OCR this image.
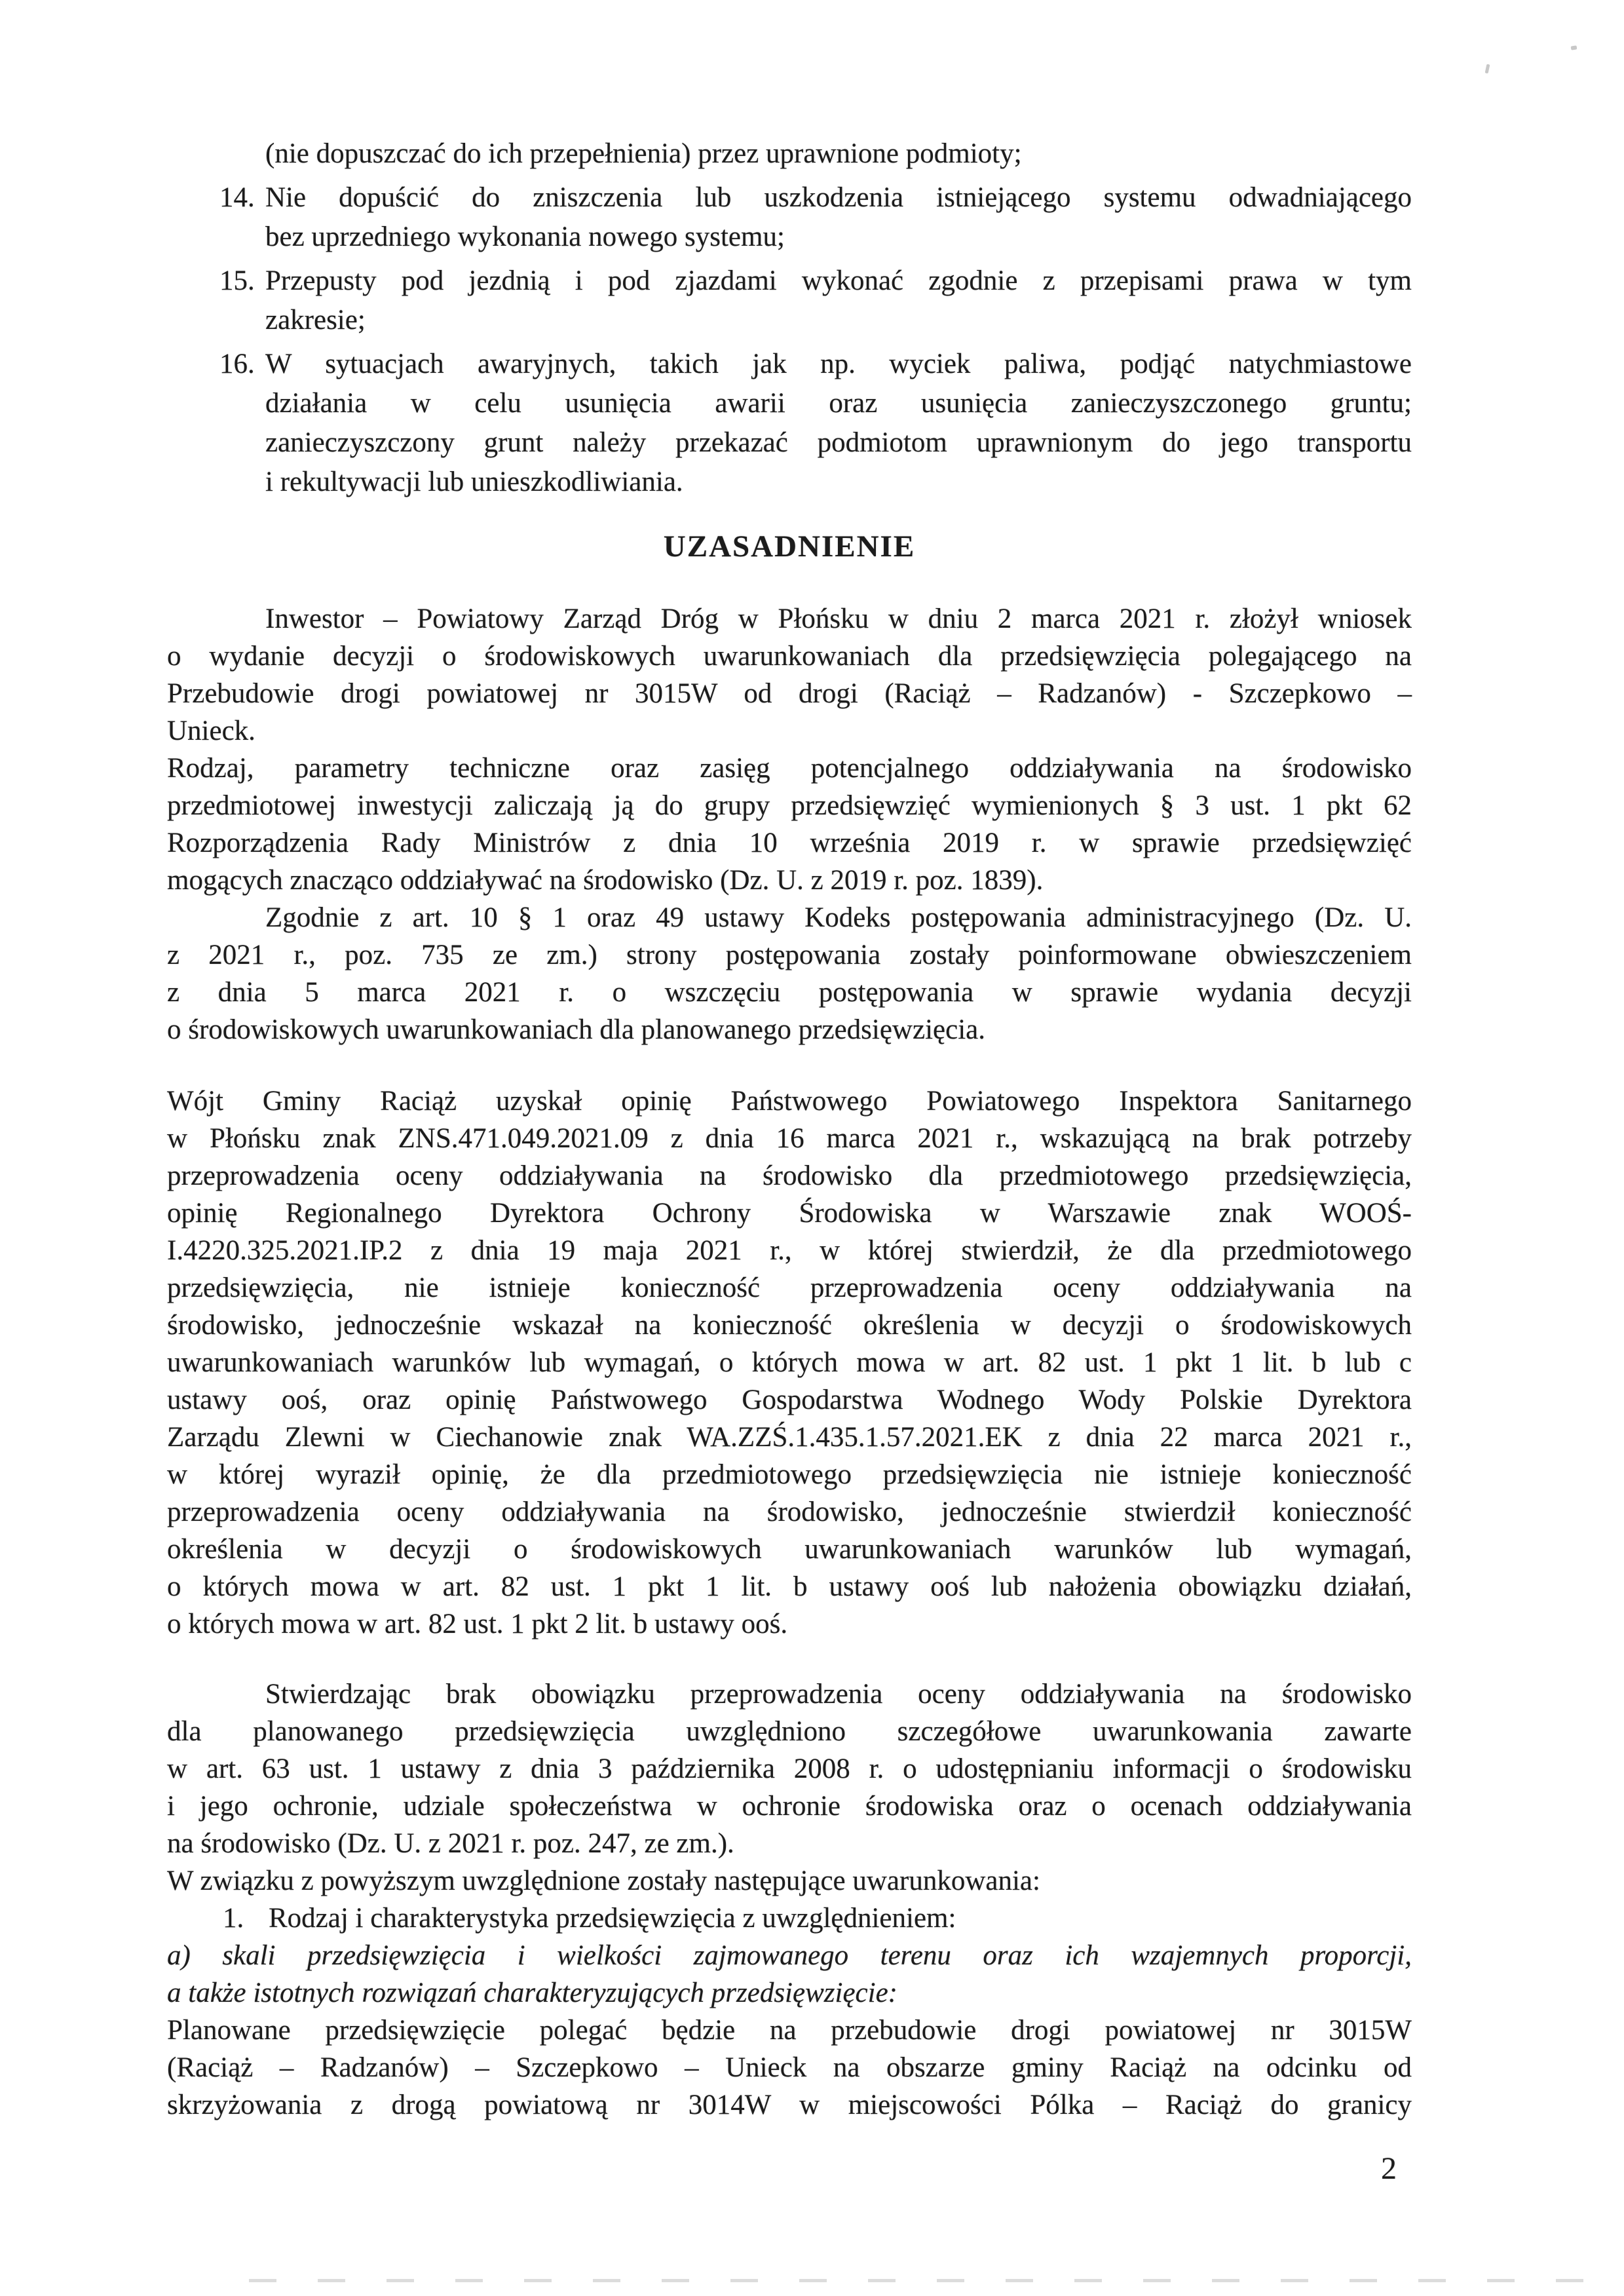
(nie dopuszczać do ich przepełnienia) przez uprawnione podmioty;
14. Nie dopuścić do zniszczenia lub uszkodzenia istniejącego systemu odwadniającego
bez uprzedniego wykonania nowego systemu;
15. Przepusty pod jezdnią i pod zjazdami wykonać zgodnie z przepisami prawa w tym
zakresie;
16. W sytuacjach awaryjnych, takich jak np. wyciek paliwa, podjąć natychmiastowe
działania w celu usunięcia awarii oraz usunięcia zanieczyszczonego gruntu;
zanieczyszczony grunt należy przekazać podmiotom uprawnionym do jego transportu
i rekultywacji lub unieszkodliwiania.
UZASADNIENIE
Inwestor – Powiatowy Zarząd Dróg w Płońsku w dniu 2 marca 2021 r. złożył wniosek
o wydanie decyzji o środowiskowych uwarunkowaniach dla przedsięwzięcia polegającego na
Przebudowie drogi powiatowej nr 3015W od drogi (Raciąż – Radzanów) - Szczepkowo –
Unieck.
Rodzaj, parametry techniczne oraz zasięg potencjalnego oddziaływania na środowisko
przedmiotowej inwestycji zaliczają ją do grupy przedsięwzięć wymienionych § 3 ust. 1 pkt 62
Rozporządzenia Rady Ministrów z dnia 10 września 2019 r. w sprawie przedsięwzięć
mogących znacząco oddziaływać na środowisko (Dz. U. z 2019 r. poz. 1839).
Zgodnie z art. 10 § 1 oraz 49 ustawy Kodeks postępowania administracyjnego (Dz. U.
z 2021 r., poz. 735 ze zm.) strony postępowania zostały poinformowane obwieszczeniem
z dnia 5 marca 2021 r. o wszczęciu postępowania w sprawie wydania decyzji
o środowiskowych uwarunkowaniach dla planowanego przedsięwzięcia.
Wójt Gminy Raciąż uzyskał opinię Państwowego Powiatowego Inspektora Sanitarnego
w Płońsku znak ZNS.471.049.2021.09 z dnia 16 marca 2021 r., wskazującą na brak potrzeby
przeprowadzenia oceny oddziaływania na środowisko dla przedmiotowego przedsięwzięcia,
opinię Regionalnego Dyrektora Ochrony Środowiska w Warszawie znak WOOŚ-
I.4220.325.2021.IP.2 z dnia 19 maja 2021 r., w której stwierdził, że dla przedmiotowego
przedsięwzięcia, nie istnieje konieczność przeprowadzenia oceny oddziaływania na
środowisko, jednocześnie wskazał na konieczność określenia w decyzji o środowiskowych
uwarunkowaniach warunków lub wymagań, o których mowa w art. 82 ust. 1 pkt 1 lit. b lub c
ustawy ooś, oraz opinię Państwowego Gospodarstwa Wodnego Wody Polskie Dyrektora
Zarządu Zlewni w Ciechanowie znak WA.ZZŚ.1.435.1.57.2021.EK z dnia 22 marca 2021 r.,
w której wyraził opinię, że dla przedmiotowego przedsięwzięcia nie istnieje konieczność
przeprowadzenia oceny oddziaływania na środowisko, jednocześnie stwierdził konieczność
określenia w decyzji o środowiskowych uwarunkowaniach warunków lub wymagań,
o których mowa w art. 82 ust. 1 pkt 1 lit. b ustawy ooś lub nałożenia obowiązku działań,
o których mowa w art. 82 ust. 1 pkt 2 lit. b ustawy ooś.
Stwierdzając brak obowiązku przeprowadzenia oceny oddziaływania na środowisko
dla planowanego przedsięwzięcia uwzględniono szczegółowe uwarunkowania zawarte
w art. 63 ust. 1 ustawy z dnia 3 października 2008 r. o udostępnianiu informacji o środowisku
i jego ochronie, udziale społeczeństwa w ochronie środowiska oraz o ocenach oddziaływania
na środowisko (Dz. U. z 2021 r. poz. 247, ze zm.).
W związku z powyższym uwzględnione zostały następujące uwarunkowania:
1. Rodzaj i charakterystyka przedsięwzięcia z uwzględnieniem:
a) skali przedsięwzięcia i wielkości zajmowanego terenu oraz ich wzajemnych proporcji,
a także istotnych rozwiązań charakteryzujących przedsięwzięcie:
Planowane przedsięwzięcie polegać będzie na przebudowie drogi powiatowej nr 3015W
(Raciąż – Radzanów) – Szczepkowo – Unieck na obszarze gminy Raciąż na odcinku od
skrzyżowania z drogą powiatową nr 3014W w miejscowości Pólka – Raciąż do granicy
2
